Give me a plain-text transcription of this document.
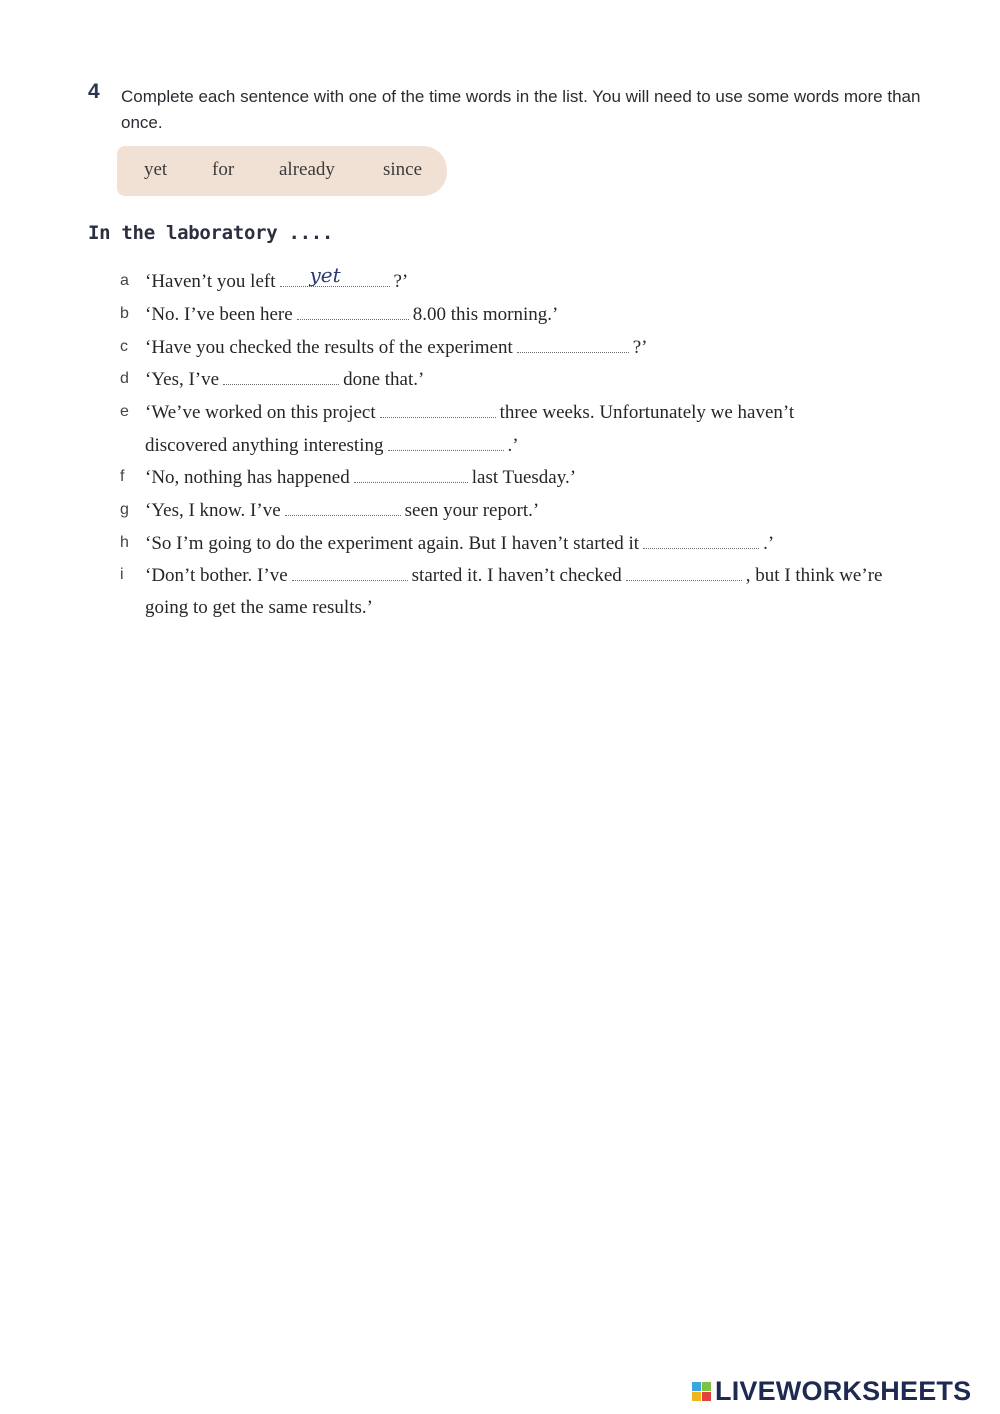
4 Complete each sentence with one of the time words in the list. You will need to use some words more than once.
yet for already	since
In the laboratory ....
a ‘Haven’t you left yet	?’
b ‘No. I’ve been here	8.00 this morning.’
c ‘Have you checked the results of the experiment	?’
d ‘Yes, I’ve	done that.’
e ‘We’ve worked on this project	three weeks. Unfortunately we haven’t
discovered anything interesting	.’
f ‘No, nothing has happened	last Tuesday.’
g ‘Yes, I know. I’ve	seen your report.’
h ‘So I’m going to do the experiment again. But I haven’t started it	.’
i ‘Don’t bother. I’ve	started it. I haven’t checked	, but I think we’re
going to get the same results.’
LIVEWORKSHEETS
